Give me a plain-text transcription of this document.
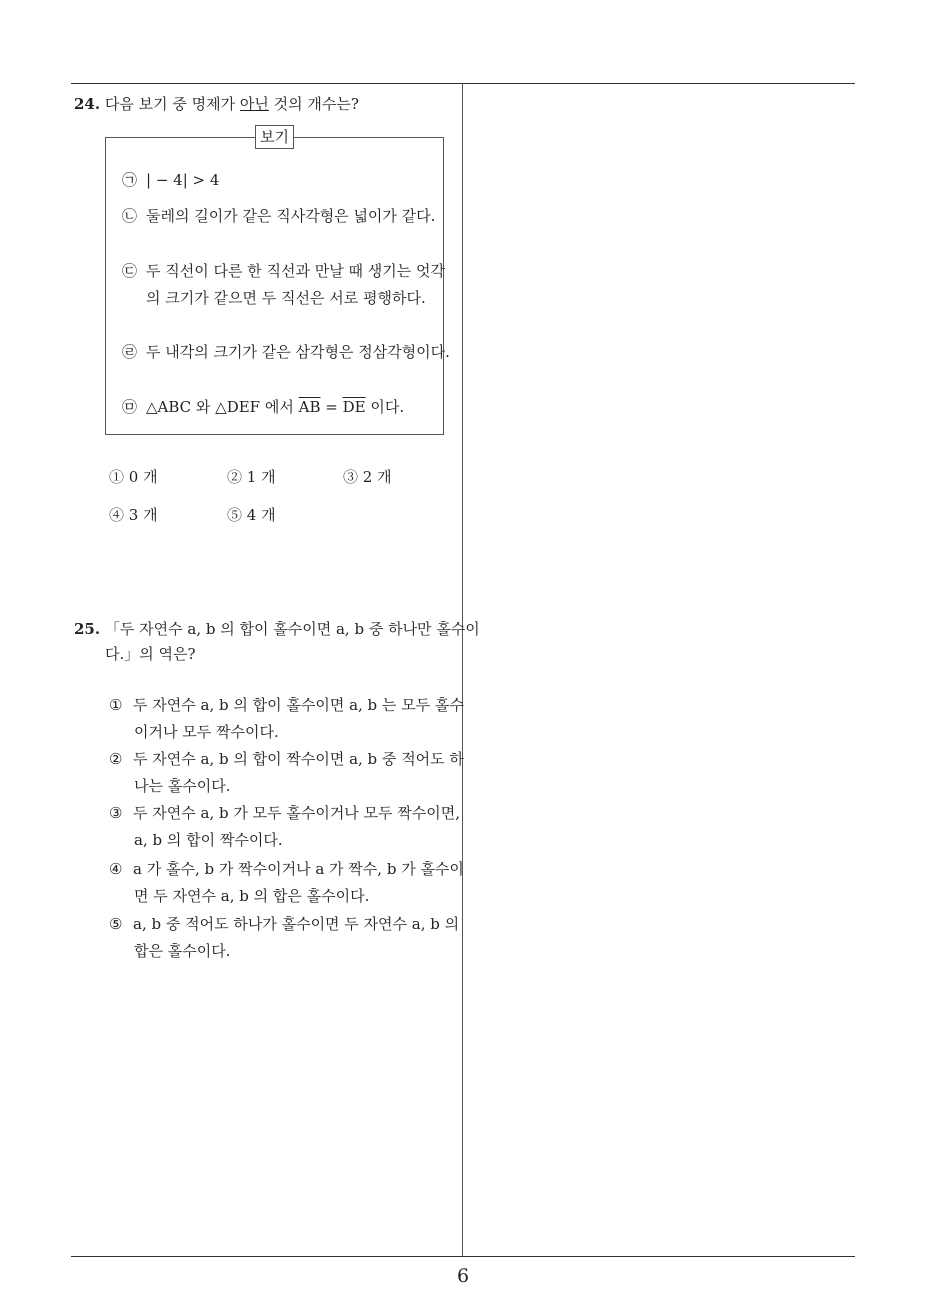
24. 다음 보기 중 명제가 아닌 것의 개수는?
보기
㉠ | − 4| > 4
㉡ 둘레의 길이가 같은 직사각형은 넓이가 같다.
㉢ 두 직선이 다른 한 직선과 만날 때 생기는 엇각의 크기가 같으면 두 직선은 서로 평행하다.
㉣ 두 내각의 크기가 같은 삼각형은 정삼각형이다.
㉤ △ABC 와 △DEF 에서 $\overline{AB} = \overline{DE}$ 이다.
① 0 개	② 1 개	③ 2 개
④ 3 개	⑤ 4 개
25. 「두 자연수 a, b 의 합이 홀수이면 a, b 중 하나만 홀수이다.」의 역은?
① 두 자연수 a, b 의 합이 홀수이면 a, b 는 모두 홀수이거나 모두 짝수이다.
② 두 자연수 a, b 의 합이 짝수이면 a, b 중 적어도 하나는 홀수이다.
③ 두 자연수 a, b 가 모두 홀수이거나 모두 짝수이면, a, b 의 합이 짝수이다.
④ a 가 홀수, b 가 짝수이거나 a 가 짝수, b 가 홀수이면 두 자연수 a, b 의 합은 홀수이다.
⑤ a, b 중 적어도 하나가 홀수이면 두 자연수 a, b 의 합은 홀수이다.
6
